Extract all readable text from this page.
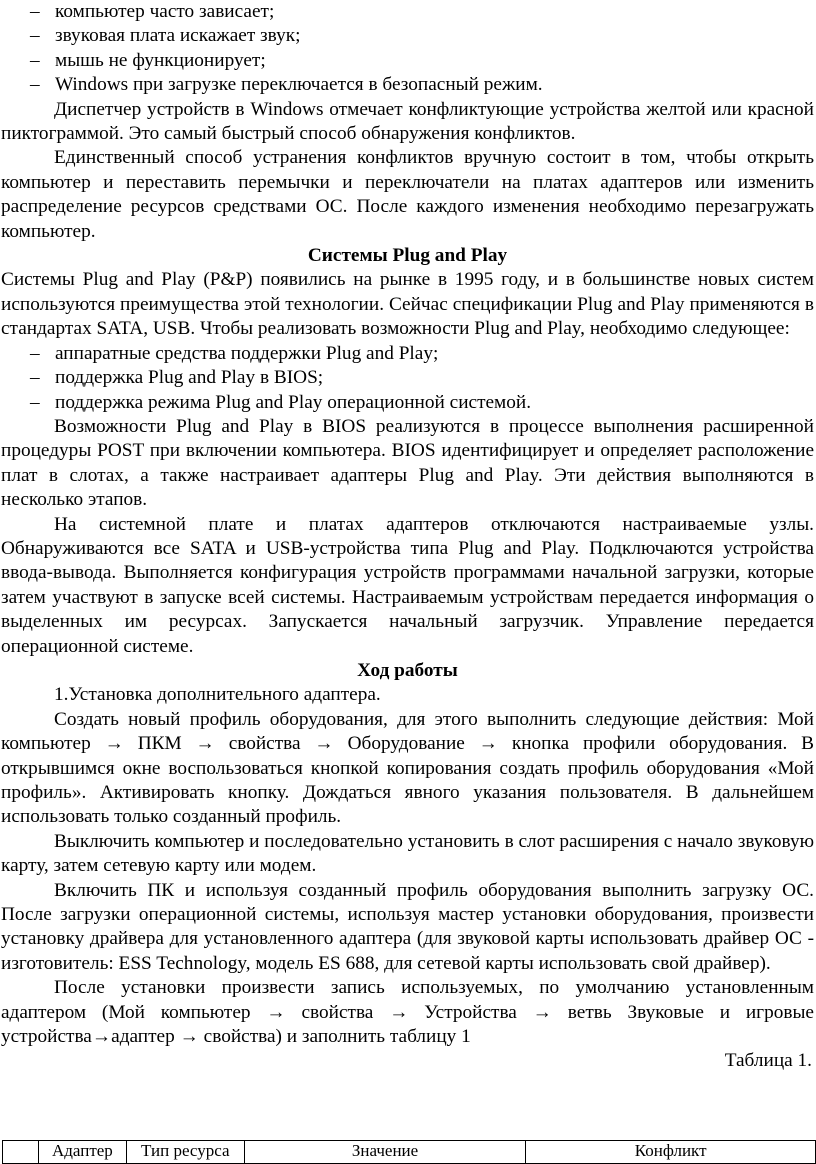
– компьютер часто зависает;
– звуковая плата искажает звук;
– мышь не функционирует;
– Windows при загрузке переключается в безопасный режим.

Диспетчер устройств в Windows отмечает конфликтующие устройства желтой или красной пиктограммой. Это самый быстрый способ обнаружения конфликтов.

Единственный способ устранения конфликтов вручную состоит в том, чтобы открыть компьютер и переставить перемычки и переключатели на платах адаптеров или изменить распределение ресурсов средствами ОС. После каждого изменения необходимо перезагружать компьютер.

Системы Plug and Play

Системы Plug and Play (P&P) появились на рынке в 1995 году, и в большинстве новых систем используются преимущества этой технологии. Сейчас спецификации Plug and Play применяются в стандартах SATA, USB. Чтобы реализовать возможности Plug and Play, необходимо следующее:

– аппаратные средства поддержки Plug and Play;
– поддержка Plug and Play в BIOS;
– поддержка режима Plug and Play операционной системой.

Возможности Plug and Play в BIOS реализуются в процессе выполнения расширенной процедуры POST при включении компьютера. BIOS идентифицирует и определяет расположение плат в слотах, а также настраивает адаптеры Plug and Play. Эти действия выполняются в несколько этапов.

На системной плате и платах адаптеров отключаются настраиваемые узлы. Обнаруживаются все SATA и USB-устройства типа Plug and Play. Подключаются устройства ввода-вывода. Выполняется конфигурация устройств программами начальной загрузки, которые затем участвуют в запуске всей системы. Настраиваемым устройствам передается информация о выделенных им ресурсах. Запускается начальный загрузчик. Управление передается операционной системе.

Ход работы
1.Установка дополнительного адаптера.

Создать новый профиль оборудования, для этого выполнить следующие действия: Мой компьютер → ПКМ → свойства → Оборудование → кнопка профили оборудования. В открывшимся окне воспользоваться кнопкой копирования создать профиль оборудования «Мой профиль». Активировать кнопку. Дождаться явного указания пользователя. В дальнейшем использовать только созданный профиль.

Выключить компьютер и последовательно установить в слот расширения с начало звуковую карту, затем сетевую карту или модем.

Включить ПК и используя созданный профиль оборудования выполнить загрузку ОС. После загрузки операционной системы, используя мастер установки оборудования, произвести установку драйвера для установленного адаптера (для звуковой карты использовать драйвер ОС - изготовитель: ESS Technology, модель ES 688, для сетевой карты использовать свой драйвер).

После установки произвести запись используемых, по умолчанию установленным адаптером (Мой компьютер → свойства → Устройства → ветвь Звуковые и игровые устройства→адаптер → свойства) и заполнить таблицу 1

Таблица 1.
	Адаптер	Тип ресурса	Значение	Конфликт
